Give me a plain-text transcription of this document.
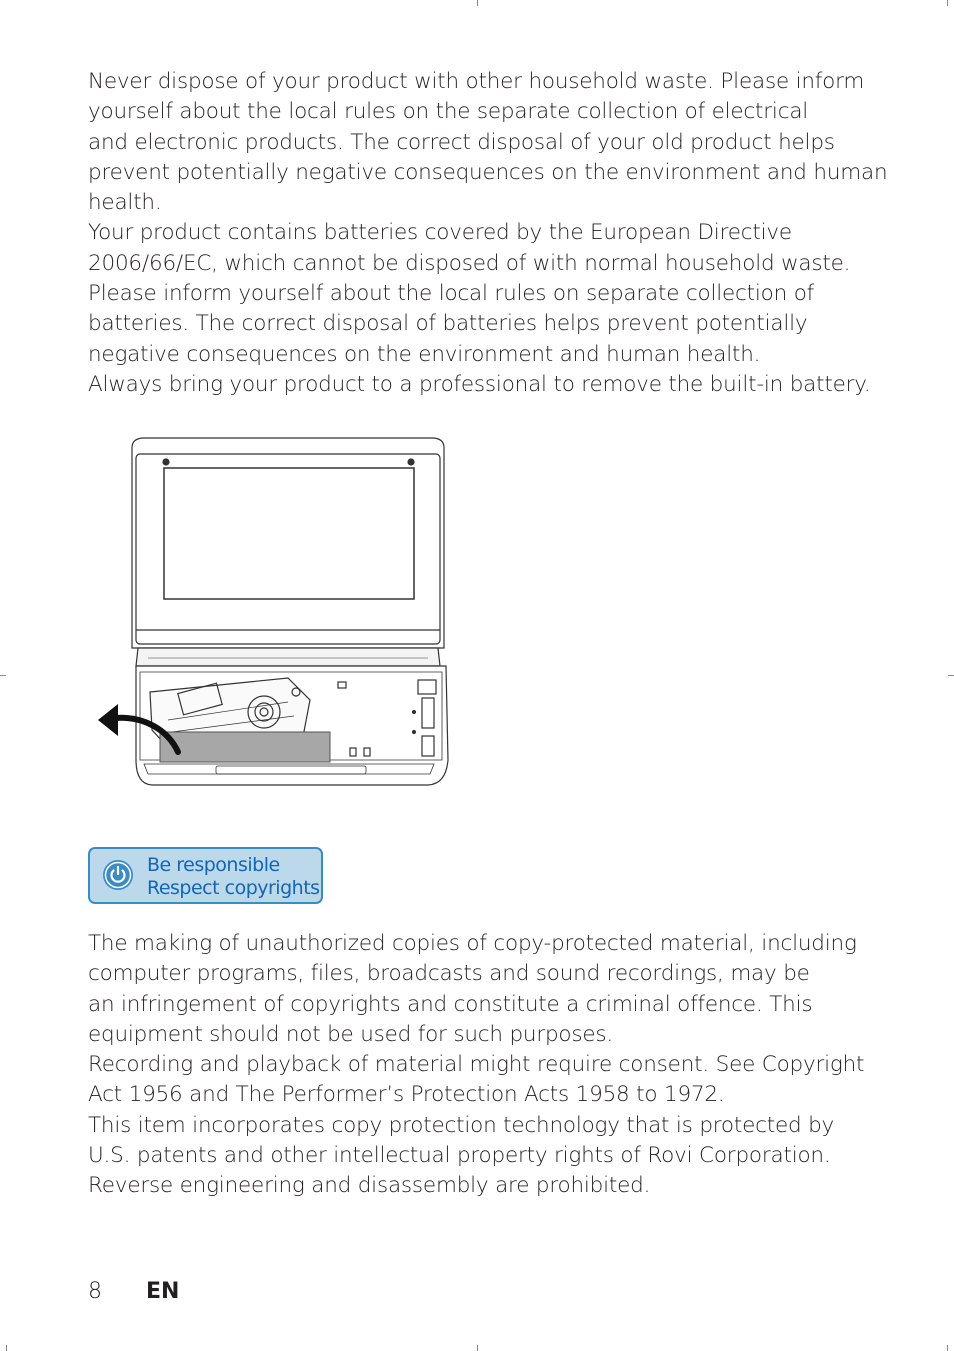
Never dispose of your product with other household waste. Please inform
yourself about the local rules on the separate collection of electrical
and electronic products. The correct disposal of your old product helps
prevent potentially negative consequences on the environment and human
health.
Your product contains batteries covered by the European Directive
2006/66/EC, which cannot be disposed of with normal household waste.
Please inform yourself about the local rules on separate collection of
batteries. The correct disposal of batteries helps prevent potentially
negative consequences on the environment and human health.
Always bring your product to a professional to remove the built-in battery.
Be responsible
Respect copyrights
The making of unauthorized copies of copy-protected material, including
computer programs, files, broadcasts and sound recordings, may be
an infringement of copyrights and constitute a criminal offence. This
equipment should not be used for such purposes.
Recording and playback of material might require consent. See Copyright
Act 1956 and The Performer’s Protection Acts 1958 to 1972.
This item incorporates copy protection technology that is protected by
U.S. patents and other intellectual property rights of Rovi Corporation.
Reverse engineering and disassembly are prohibited.
8 EN
